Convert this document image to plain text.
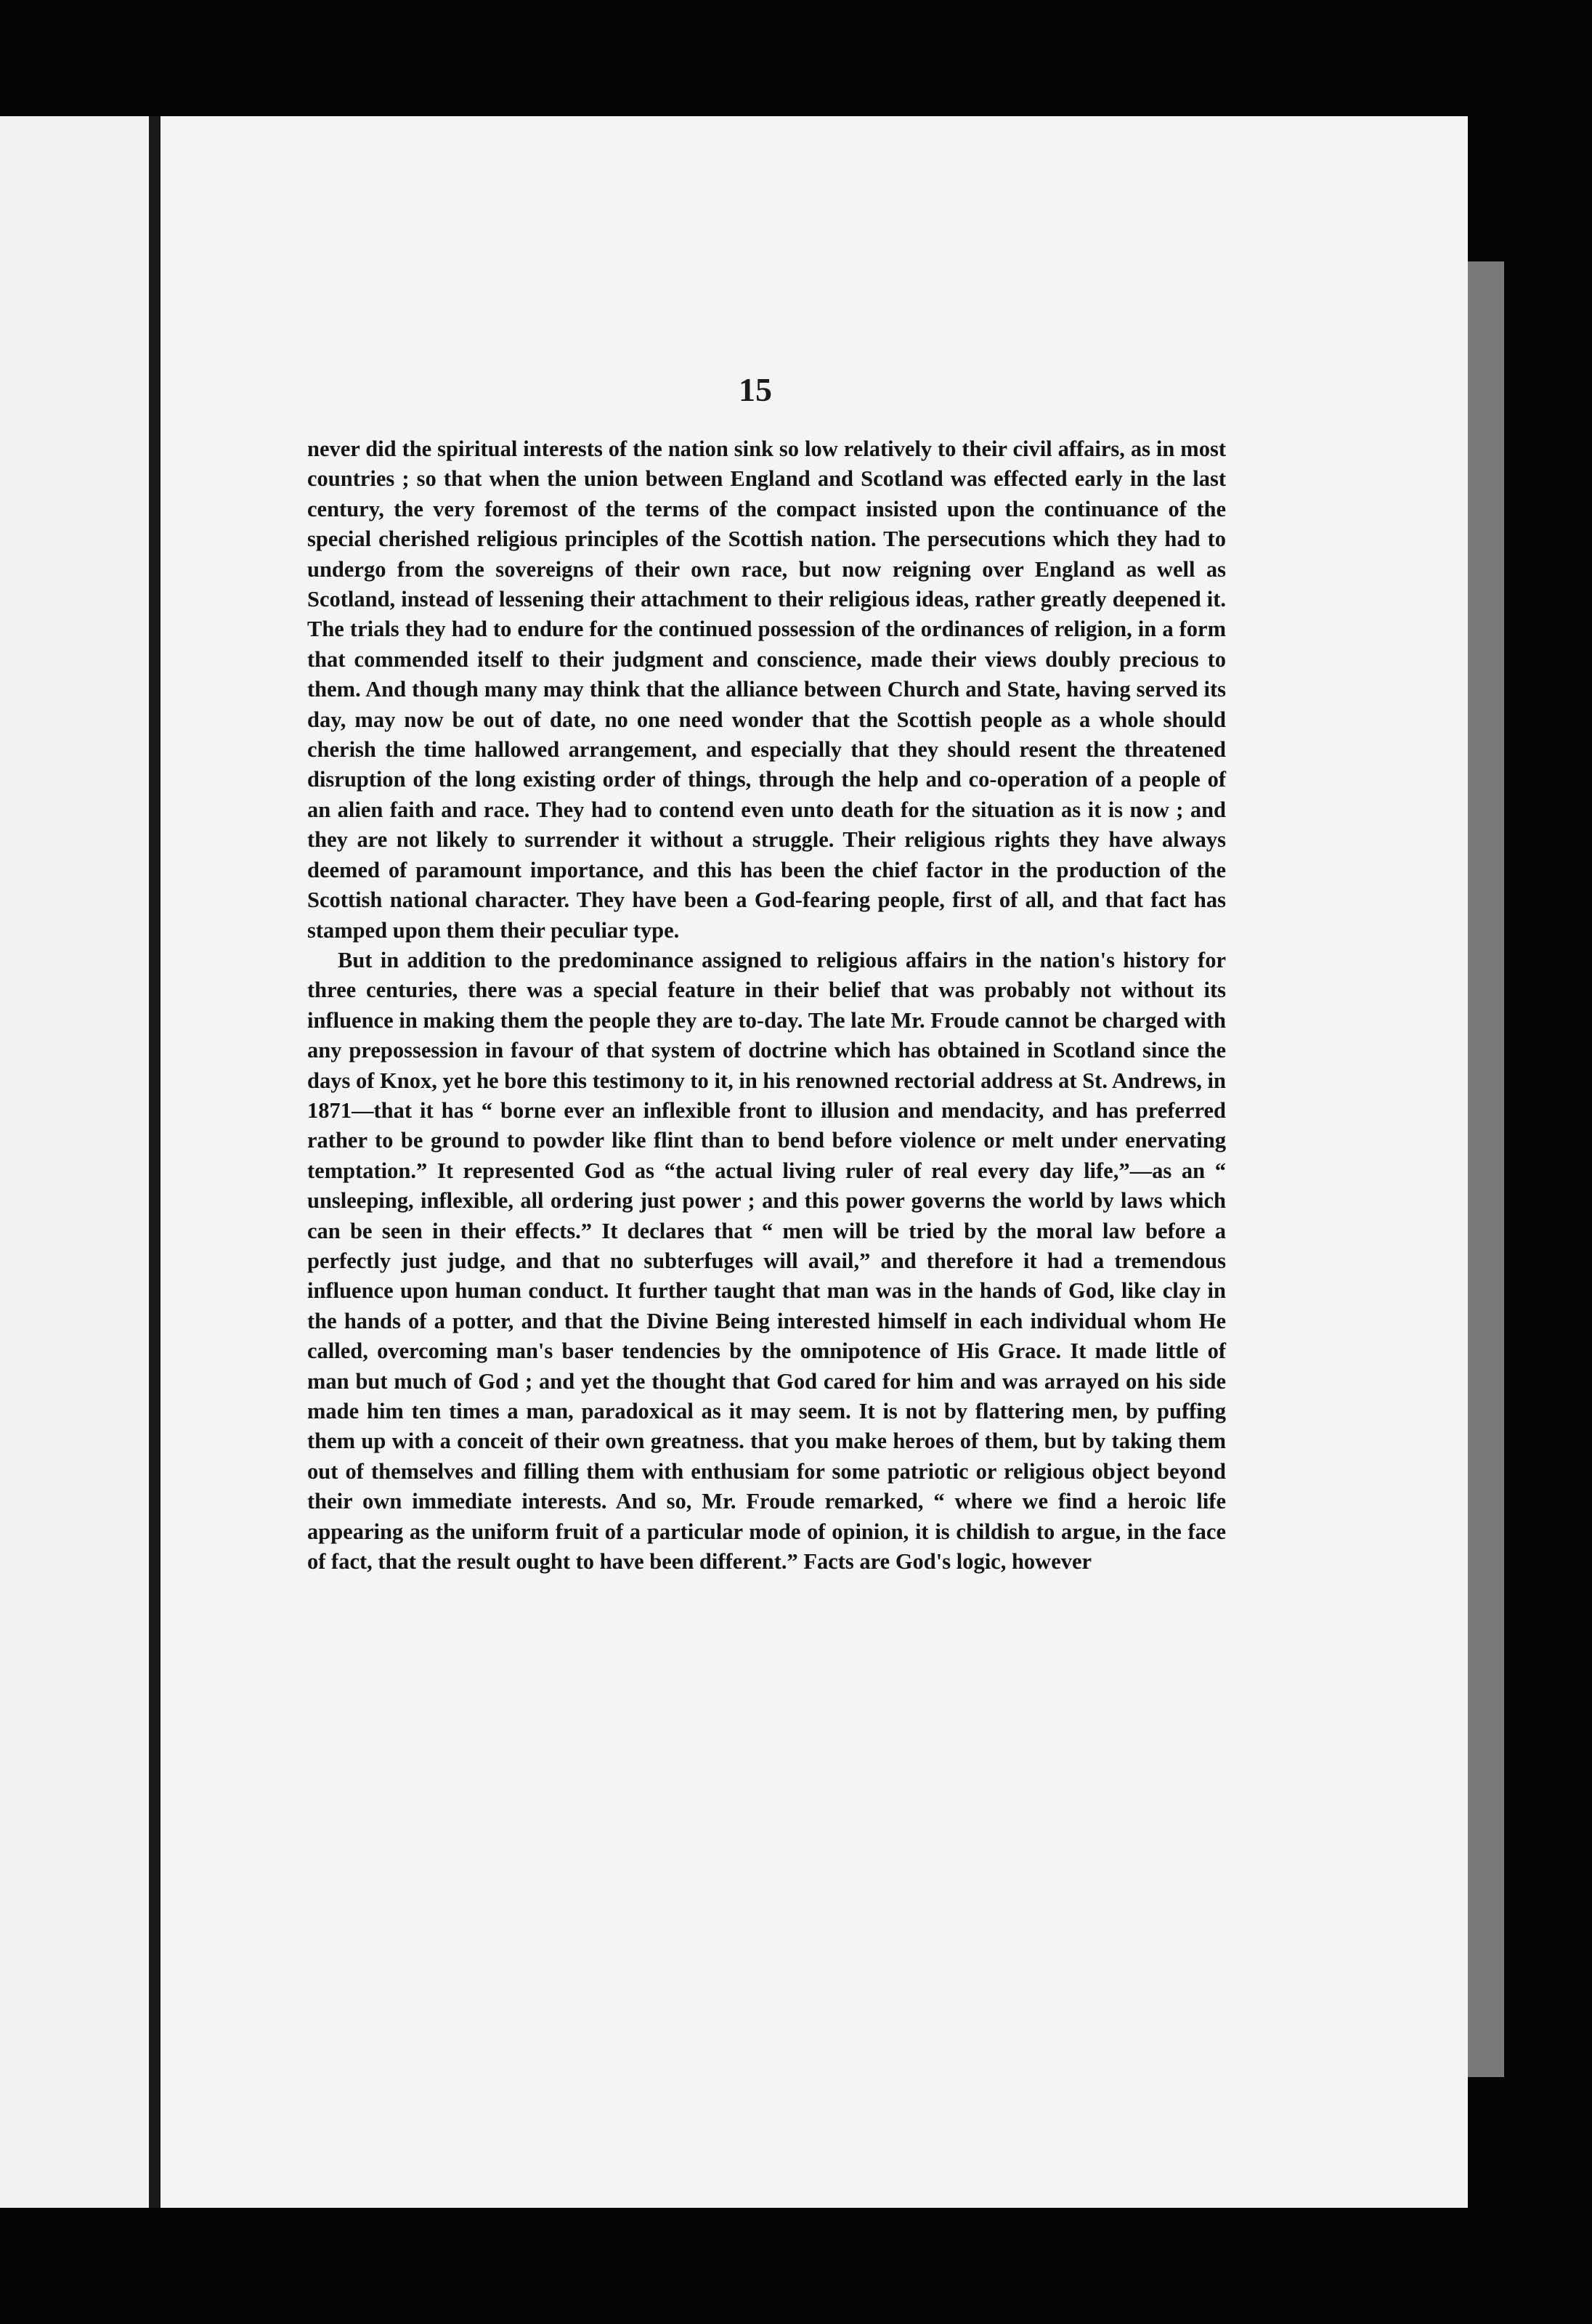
15

never did the spiritual interests of the nation sink so low relatively to their civil affairs, as in most countries ; so that when the union between England and Scotland was effected early in the last century, the very foremost of the terms of the compact insisted upon the continuance of the special cherished religious principles of the Scottish nation. The persecutions which they had to undergo from the sovereigns of their own race, but now reigning over England as well as Scotland, instead of lessening their attachment to their religious ideas, rather greatly deepened it. The trials they had to endure for the continued possession of the ordinances of religion, in a form that commended itself to their judgment and conscience, made their views doubly precious to them. And though many may think that the alliance between Church and State, having served its day, may now be out of date, no one need wonder that the Scottish people as a whole should cherish the time hallowed arrangement, and especially that they should resent the threatened disruption of the long existing order of things, through the help and co-operation of a people of an alien faith and race. They had to contend even unto death for the situation as it is now ; and they are not likely to surrender it without a struggle. Their religious rights they have always deemed of paramount importance, and this has been the chief factor in the production of the Scottish national character. They have been a God-fearing people, first of all, and that fact has stamped upon them their peculiar type.

But in addition to the predominance assigned to religious affairs in the nation's history for three centuries, there was a special feature in their belief that was probably not without its influence in making them the people they are to-day. The late Mr. Froude cannot be charged with any prepossession in favour of that system of doctrine which has obtained in Scotland since the days of Knox, yet he bore this testimony to it, in his renowned rectorial address at St. Andrews, in 1871—that it has “ borne ever an inflexible front to illusion and mendacity, and has preferred rather to be ground to powder like flint than to bend before violence or melt under enervating temptation.” It represented God as “the actual living ruler of real every day life,”—as an “ unsleeping, inflexible, all ordering just power ; and this power governs the world by laws which can be seen in their effects.” It declares that “ men will be tried by the moral law before a perfectly just judge, and that no subterfuges will avail,” and therefore it had a tremendous influence upon human conduct. It further taught that man was in the hands of God, like clay in the hands of a potter, and that the Divine Being interested himself in each individual whom He called, overcoming man's baser tendencies by the omnipotence of His Grace. It made little of man but much of God ; and yet the thought that God cared for him and was arrayed on his side made him ten times a man, paradoxical as it may seem. It is not by flattering men, by puffing them up with a conceit of their own greatness. that you make heroes of them, but by taking them out of themselves and filling them with enthusiam for some patriotic or religious object beyond their own immediate interests. And so, Mr. Froude remarked, “ where we find a heroic life appearing as the uniform fruit of a particular mode of opinion, it is childish to argue, in the face of fact, that the result ought to have been different.” Facts are God's logic, however
